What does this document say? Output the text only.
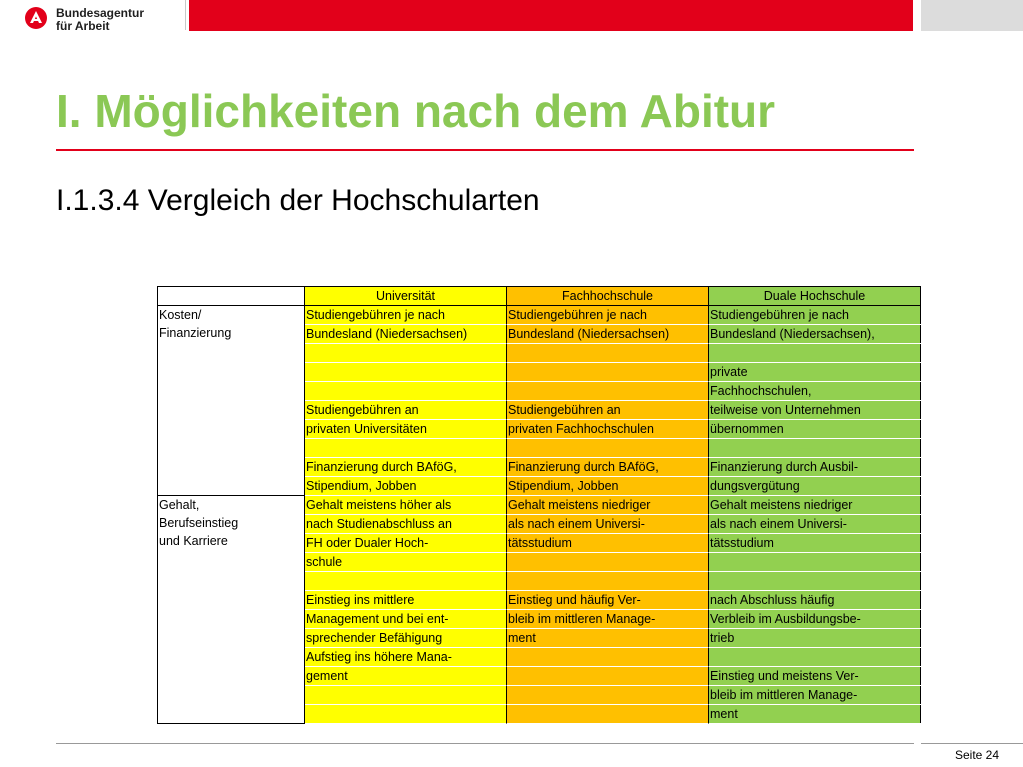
Bundesagentur
für Arbeit
I. Möglichkeiten nach dem Abitur
I.1.3.4 Vergleich der Hochschularten
	Universität	Fachhochschule	Duale Hochschule

Kosten/
Finanzierung	Studiengebühren je nach	Studiengebühren je nach	Studiengebühren je nach
	Bundesland (Niedersachsen)	Bundesland (Niedersachsen)	Bundesland (Niedersachsen),

			private
			Fachhochschulen,
	Studiengebühren an	Studiengebühren an	teilweise von Unternehmen
	privaten Universitäten	privaten Fachhochschulen	übernommen

	Finanzierung durch BAföG,	Finanzierung durch BAföG,	Finanzierung durch Ausbil-
	Stipendium, Jobben	Stipendium, Jobben	dungsvergütung

Gehalt,
Berufseinstieg
und Karriere	Gehalt meistens höher als	Gehalt meistens niedriger	Gehalt meistens niedriger
	nach Studienabschluss an	als nach einem Universi-	als nach einem Universi-
	FH oder Dualer Hoch-	tätsstudium	tätsstudium
	schule		

	Einstieg ins mittlere	Einstieg und häufig Ver-	nach Abschluss häufig
	Management und bei ent-	bleib im mittleren Manage-	Verbleib im Ausbildungsbe-
	sprechender Befähigung	ment	trieb
	Aufstieg ins höhere Mana-		
	gement		Einstieg und meistens Ver-
			bleib im mittleren Manage-
			ment
Seite 24
